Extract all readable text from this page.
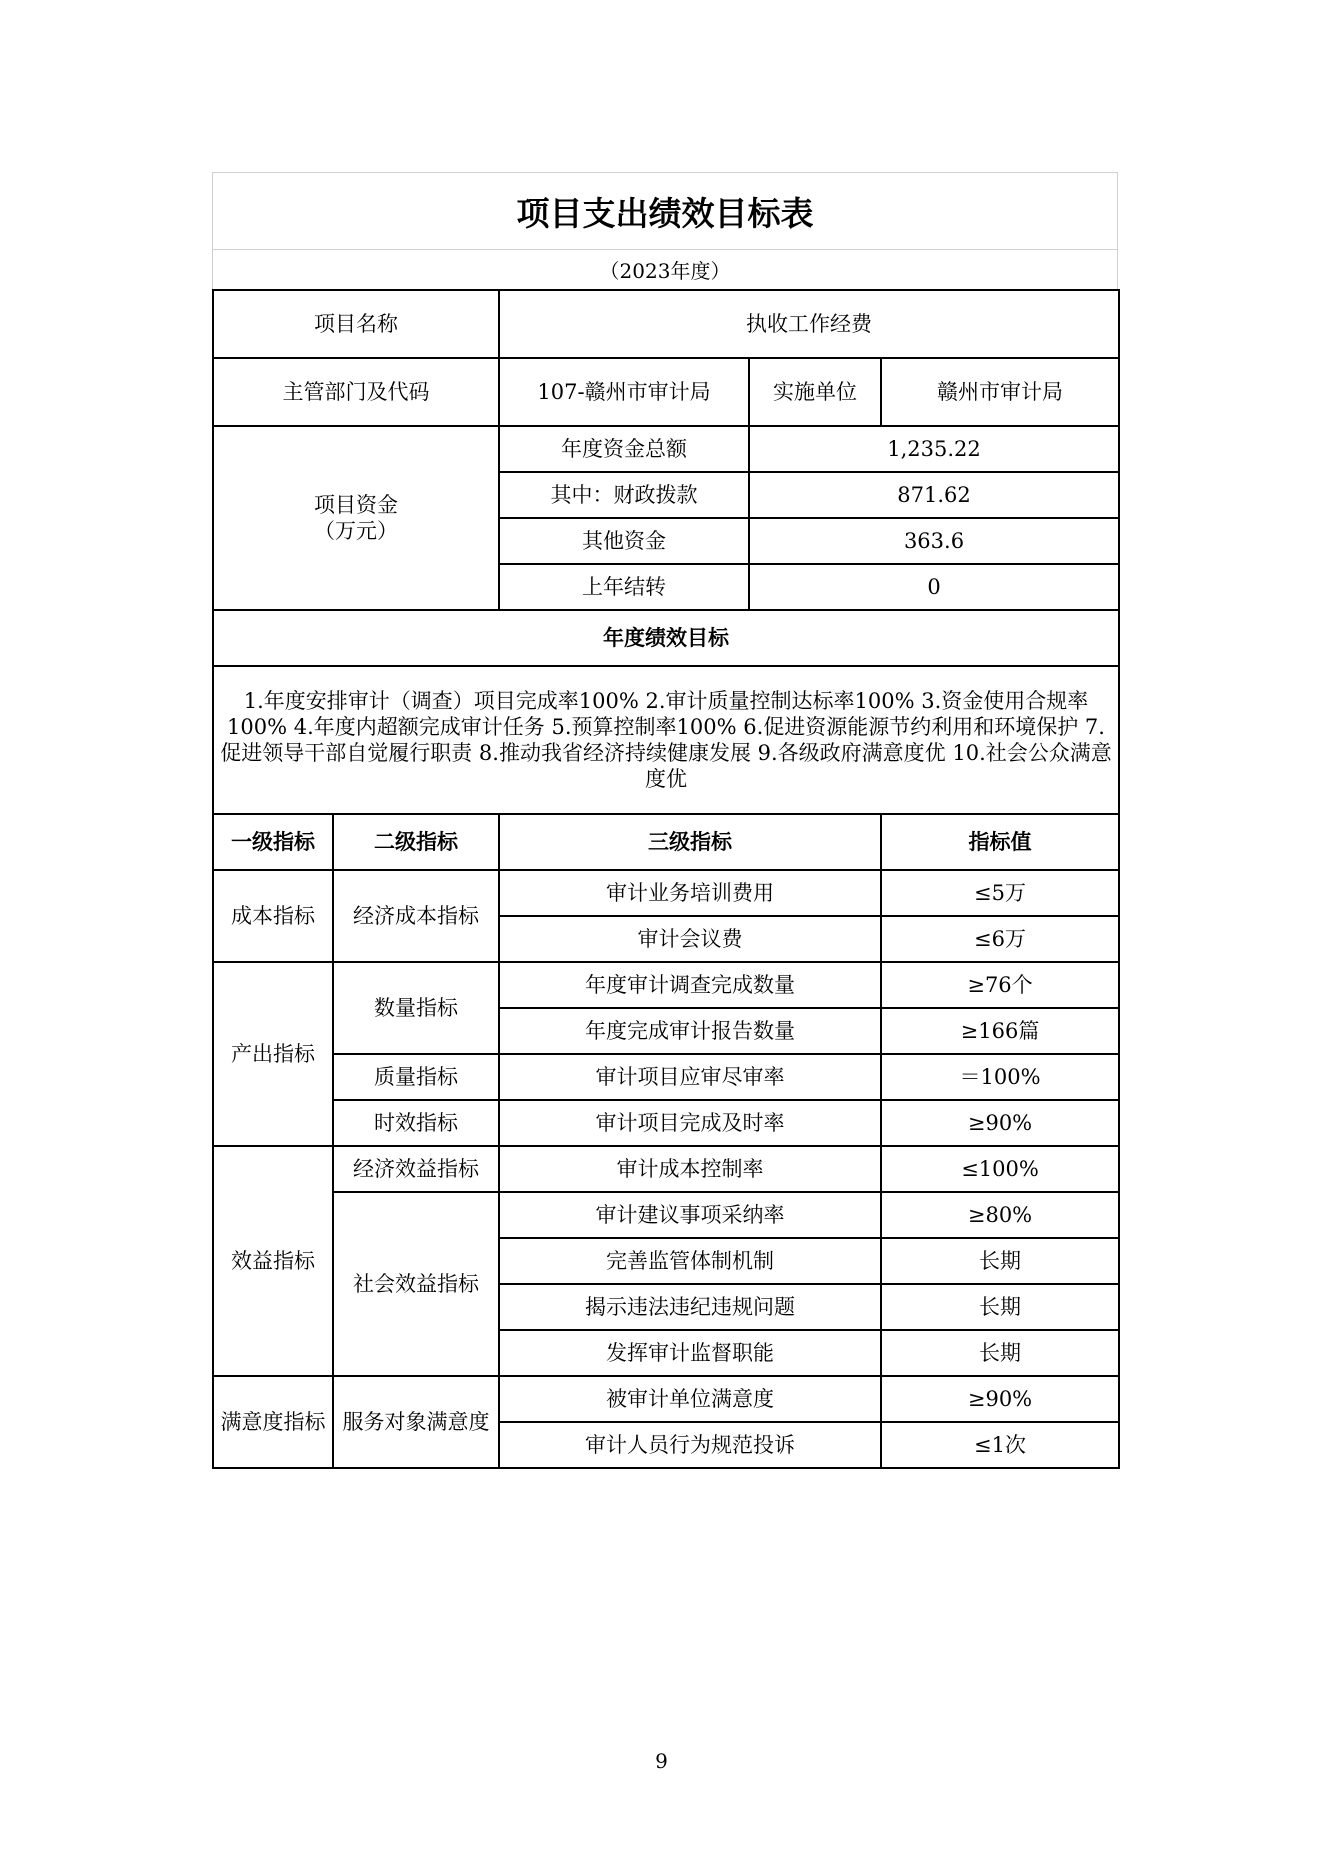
项目支出绩效目标表
（2023年度）
项目名称		执收工作经费		
主管部门及代码		107-赣州市审计局	实施单位	赣州市审计局

项目资金
（万元）		年度资金总额	1,235.22	
		其中：财政拨款	871.62	
		其他资金	363.6	
		上年结转	0	
年度绩效目标				
1.年度安排审计（调查）项目完成率100% 2.审计质量控制达标率100% 3.资金使用合规率100% 4.年度内超额完成审计任务 5.预算控制率100% 6.促进资源能源节约利用和环境保护 7.促进领导干部自觉履行职责 8.推动我省经济持续健康发展 9.各级政府满意度优 10.社会公众满意度优				
一级指标	二级指标	三级指标		指标值
成本指标	经济成本指标	审计业务培训费用		≤5万
		审计会议费		≤6万
产出指标	数量指标	年度审计调查完成数量		≥76个
		年度完成审计报告数量		≥166篇
	质量指标	审计项目应审尽审率		＝100%
	时效指标	审计项目完成及时率		≥90%
效益指标	经济效益指标	审计成本控制率		≤100%
	社会效益指标	审计建议事项采纳率		≥80%
		完善监管体制机制		长期
		揭示违法违纪违规问题		长期
		发挥审计监督职能		长期
满意度指标	服务对象满意度	被审计单位满意度		≥90%
		审计人员行为规范投诉		≤1次
9
